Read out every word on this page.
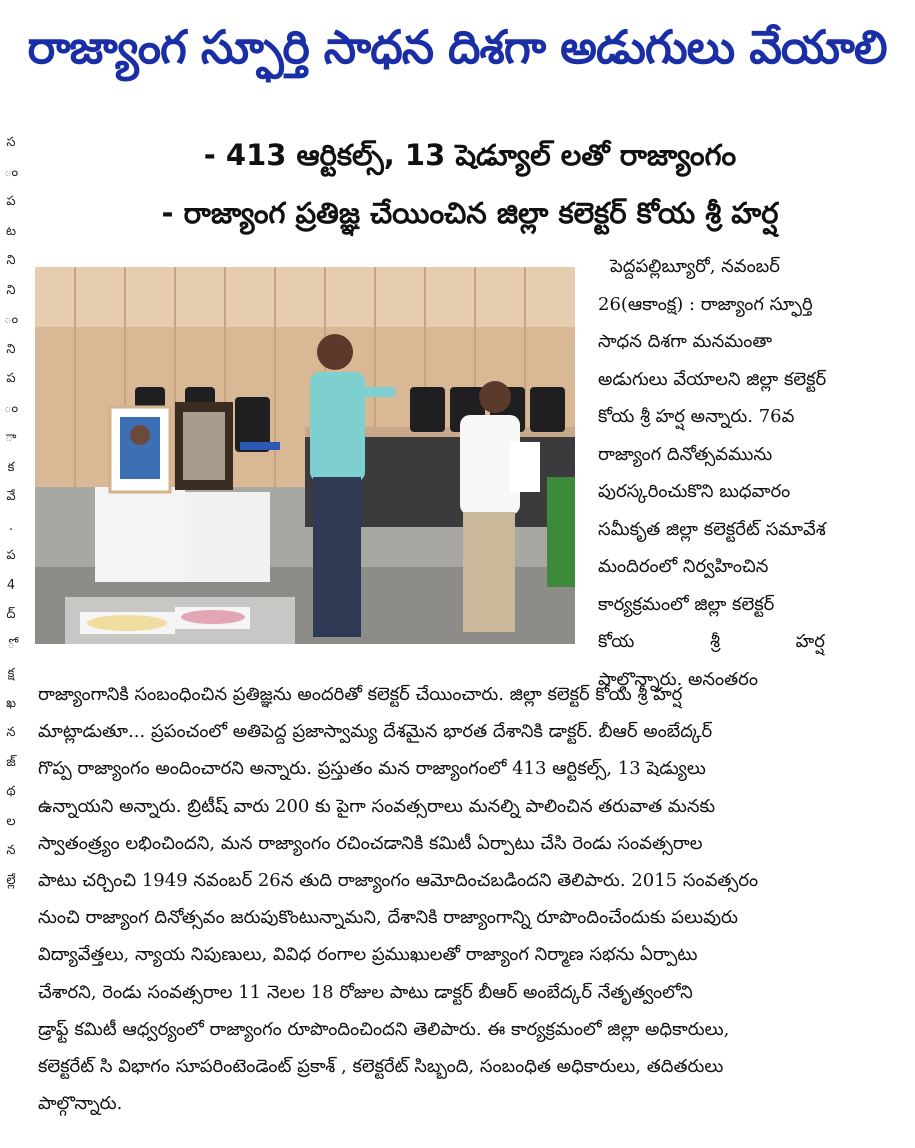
స
ం
ప
ట
ని
ని
ం
ని
ప
ం
ా
క
వే
.
ప
4
ద్
ో
క్ష
ఖ
న
జ్
థ
ల
న
ల్లే
రాజ్యాంగ స్ఫూర్తి సాధన దిశగా అడుగులు వేయాలి
- 413 ఆర్టికల్స్, 13 షెడ్యూల్ లతో రాజ్యాంగం
- రాజ్యాంగ ప్రతిజ్ఞ చేయించిన జిల్లా కలెక్టర్ కోయ శ్రీ హర్ష
పెద్దపల్లిబ్యూరో, నవంబర్
26(ఆకాంక్ష) : రాజ్యాంగ స్ఫూర్తి
సాధన దిశగా మనమంతా
అడుగులు వేయాలని జిల్లా కలెక్టర్
కోయ శ్రీ హర్ష అన్నారు. 76వ
రాజ్యాంగ దినోత్సవమును
పురస్కరించుకొని బుధవారం
సమీకృత జిల్లా కలెక్టరేట్ సమావేశ
మందిరంలో నిర్వహించిన
కార్యక్రమంలో జిల్లా కలెక్టర్
కోయ శ్రీ హర్ష
పాల్గొన్నారు. అనంతరం
రాజ్యాంగానికి సంబంధించిన ప్రతిజ్ఞను అందరితో కలెక్టర్ చేయించారు. జిల్లా కలెక్టర్ కోయ శ్రీ హర్ష
మాట్లాడుతూ... ప్రపంచంలో అతిపెద్ద ప్రజాస్వామ్య దేశమైన భారత దేశానికి డాక్టర్. బీఆర్ అంబేద్కర్
గొప్ప రాజ్యాంగం అందించారని అన్నారు. ప్రస్తుతం మన రాజ్యాంగంలో 413 ఆర్టికల్స్, 13 షెడ్యులు
ఉన్నాయని అన్నారు. బ్రిటీష్ వారు 200 కు పైగా సంవత్సరాలు మనల్ని పాలించిన తరువాత మనకు
స్వాతంత్ర్యం లభించిందని, మన రాజ్యాంగం రచించడానికి కమిటీ ఏర్పాటు చేసి రెండు సంవత్సరాల
పాటు చర్చించి 1949 నవంబర్ 26న తుది రాజ్యాంగం ఆమోదించబడిందని తెలిపారు. 2015 సంవత్సరం
నుంచి రాజ్యాంగ దినోత్సవం జరుపుకొంటున్నామని, దేశానికి రాజ్యాంగాన్ని రూపొందించేందుకు పలువురు
విద్యావేత్తలు, న్యాయ నిపుణులు, వివిధ రంగాల ప్రముఖులతో రాజ్యాంగ నిర్మాణ సభను ఏర్పాటు
చేశారని, రెండు సంవత్సరాల 11 నెలల 18 రోజుల పాటు డాక్టర్ బీఆర్ అంబేద్కర్ నేతృత్వంలోని
డ్రాఫ్ట్ కమిటీ ఆధ్వర్యంలో రాజ్యాంగం రూపొందించిందని తెలిపారు. ఈ కార్యక్రమంలో జిల్లా అధికారులు,
కలెక్టరేట్ సి విభాగం సూపరింటెండెంట్ ప్రకాశ్ , కలెక్టరేట్ సిబ్బంది, సంబంధిత అధికారులు, తదితరులు
పాల్గొన్నారు.
